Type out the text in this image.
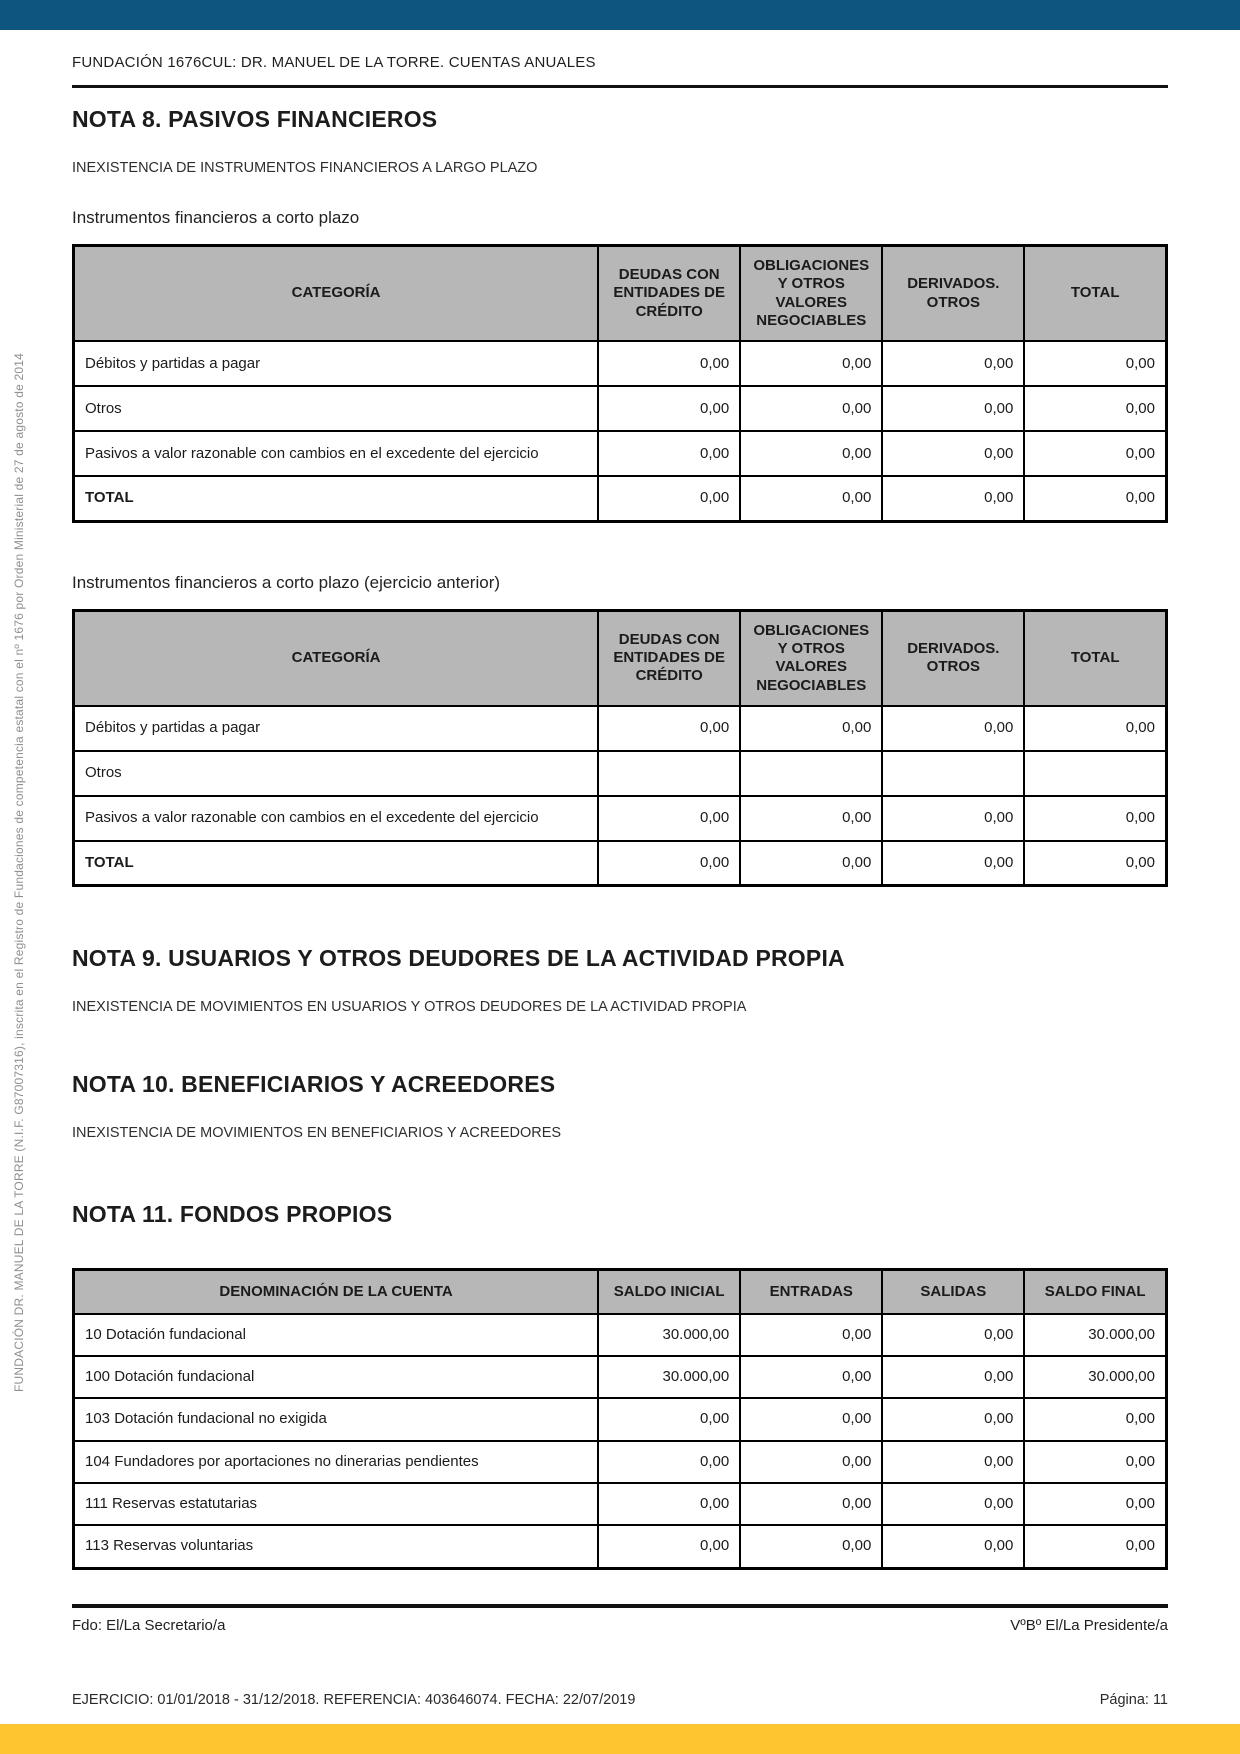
FUNDACIÓN DR. MANUEL DE LA TORRE (N.I.F. G87007316), inscrita en el Registro de Fundaciones de competencia estatal con el nº 1676 por Orden Ministerial de 27 de agosto de 2014
FUNDACIÓN 1676CUL: DR. MANUEL DE LA TORRE. CUENTAS ANUALES
NOTA 8. PASIVOS FINANCIEROS
INEXISTENCIA DE INSTRUMENTOS FINANCIEROS A LARGO PLAZO
Instrumentos financieros a corto plazo
CATEGORÍA	DEUDAS CON ENTIDADES DE CRÉDITO	OBLIGACIONES Y OTROS VALORES NEGOCIABLES	DERIVADOS. OTROS	TOTAL
Débitos y partidas a pagar	0,00	0,00	0,00	0,00
Otros	0,00	0,00	0,00	0,00
Pasivos a valor razonable con cambios en el excedente del ejercicio	0,00	0,00	0,00	0,00
TOTAL	0,00	0,00	0,00	0,00
Instrumentos financieros a corto plazo (ejercicio anterior)
CATEGORÍA	DEUDAS CON ENTIDADES DE CRÉDITO	OBLIGACIONES Y OTROS VALORES NEGOCIABLES	DERIVADOS. OTROS	TOTAL
Débitos y partidas a pagar	0,00	0,00	0,00	0,00
Otros				
Pasivos a valor razonable con cambios en el excedente del ejercicio	0,00	0,00	0,00	0,00
TOTAL	0,00	0,00	0,00	0,00
NOTA 9. USUARIOS Y OTROS DEUDORES DE LA ACTIVIDAD PROPIA
INEXISTENCIA DE MOVIMIENTOS EN USUARIOS Y OTROS DEUDORES DE LA ACTIVIDAD PROPIA
NOTA 10. BENEFICIARIOS Y ACREEDORES
INEXISTENCIA DE MOVIMIENTOS EN BENEFICIARIOS Y ACREEDORES
NOTA 11. FONDOS PROPIOS
DENOMINACIÓN DE LA CUENTA	SALDO INICIAL	ENTRADAS	SALIDAS	SALDO FINAL
10 Dotación fundacional	30.000,00	0,00	0,00	30.000,00
100 Dotación fundacional	30.000,00	0,00	0,00	30.000,00
103 Dotación fundacional no exigida	0,00	0,00	0,00	0,00
104 Fundadores por aportaciones no dinerarias pendientes	0,00	0,00	0,00	0,00
111 Reservas estatutarias	0,00	0,00	0,00	0,00
113 Reservas voluntarias	0,00	0,00	0,00	0,00
Fdo: El/La Secretario/a	VºBº El/La Presidente/a
EJERCICIO: 01/01/2018 - 31/12/2018. REFERENCIA: 403646074. FECHA: 22/07/2019	Página: 11
